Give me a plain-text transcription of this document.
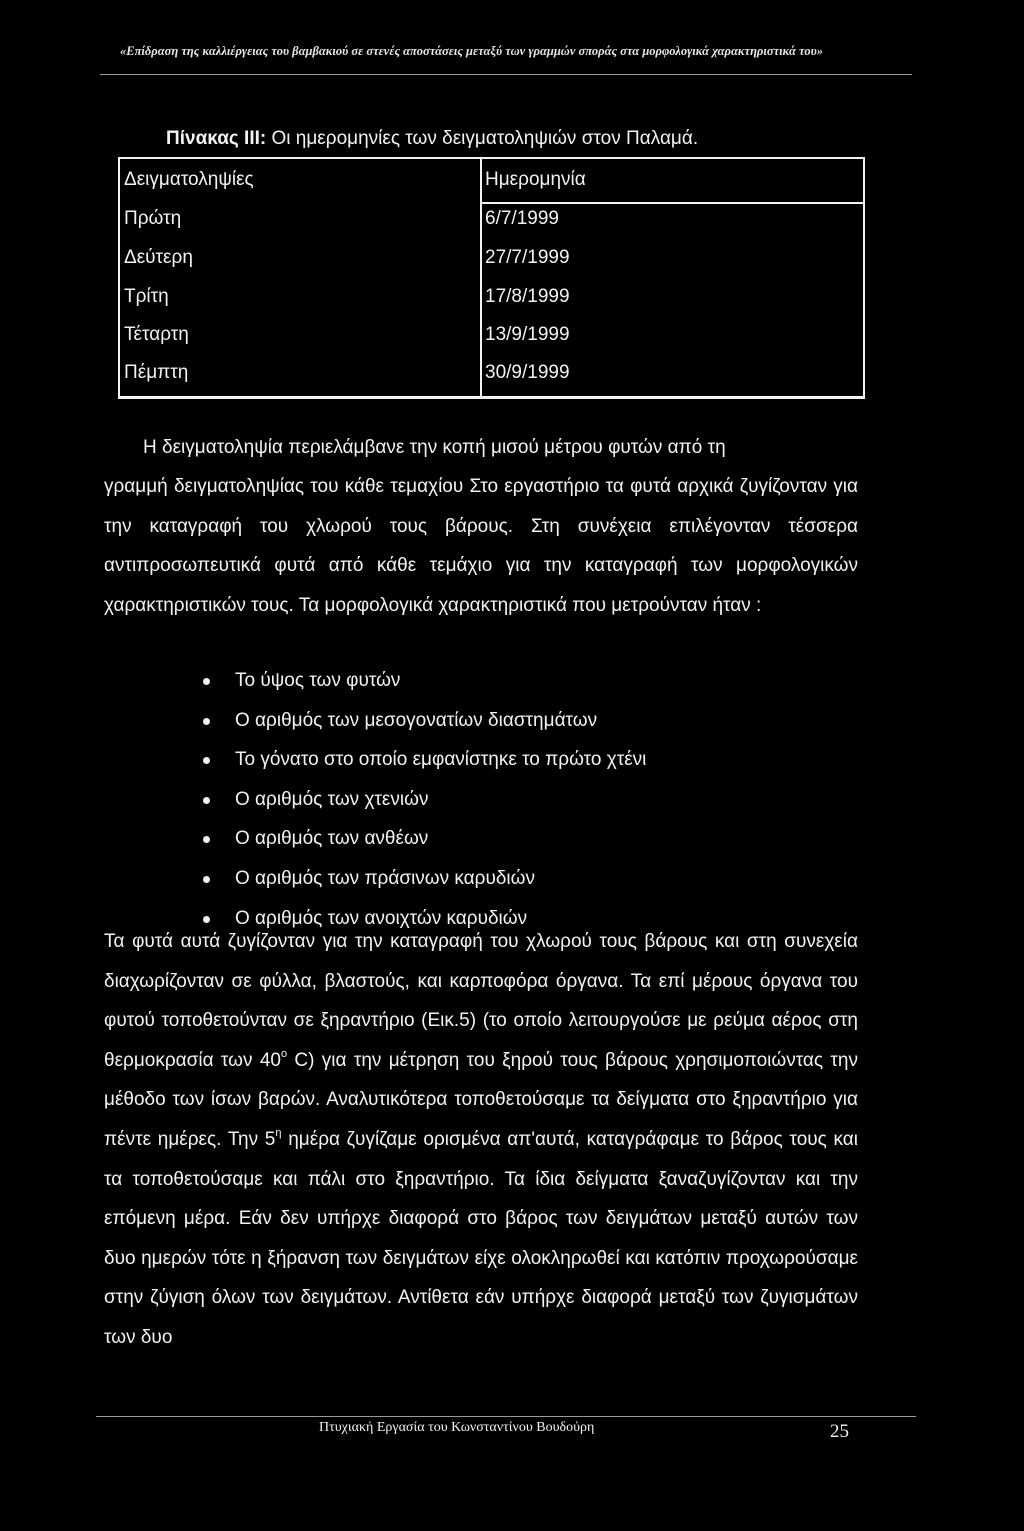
«Επίδραση της καλλιέργειας του βαμβακιού σε στενές αποστάσεις μεταξύ των γραμμών σποράς στα μορφολογικά χαρακτηριστικά του»
Πίνακας III: Οι ημερομηνίες των δειγματοληψιών στον Παλαμά.
Δειγματοληψίες	Ημερομηνία
Πρώτη	6/7/1999
Δεύτερη	27/7/1999
Τρίτη	17/8/1999
Τέταρτη	13/9/1999
Πέμπτη	30/9/1999
Η δειγματοληψία περιελάμβανε την κοπή μισού μέτρου φυτών από τη
γραμμή δειγματοληψίας του κάθε τεμαχίου Στο εργαστήριο τα φυτά αρχικά ζυγίζονταν για την καταγραφή του χλωρού τους βάρους. Στη συνέχεια επιλέγονταν τέσσερα αντιπροσωπευτικά φυτά από κάθε τεμάχιο για την καταγραφή των μορφολογικών χαρακτηριστικών τους. Τα μορφολογικά χαρακτηριστικά που μετρούνταν ήταν :
Το ύψος των φυτών
Ο αριθμός των μεσογονατίων διαστημάτων
Το γόνατο στο οποίο εμφανίστηκε το πρώτο χτένι
Ο αριθμός των χτενιών
Ο αριθμός των ανθέων
Ο αριθμός των πράσινων καρυδιών
Ο αριθμός των ανοιχτών καρυδιών
Τα φυτά αυτά ζυγίζονταν για την καταγραφή του χλωρού τους βάρους και στη συνεχεία διαχωρίζονταν σε φύλλα, βλαστούς, και καρποφόρα όργανα. Τα επί μέρους όργανα του φυτού τοποθετούνταν σε ξηραντήριο (Εικ.5) (το οποίο λειτουργούσε με ρεύμα αέρος στη θερμοκρασία των 40$^o$ C) για την μέτρηση του ξηρού τους βάρους χρησιμοποιώντας την μέθοδο των ίσων βαρών. Αναλυτικότερα τοποθετούσαμε τα δείγματα στο ξηραντήριο για πέντε ημέρες. Την $5^\eta$ ημέρα ζυγίζαμε ορισμένα απ'αυτά, καταγράφαμε το βάρος τους και τα τοποθετούσαμε και πάλι στο ξηραντήριο. Τα ίδια δείγματα ξαναζυγίζονταν και την επόμενη μέρα. Εάν δεν υπήρχε διαφορά στο βάρος των δειγμάτων μεταξύ αυτών των δυο ημερών τότε η ξήρανση των δειγμάτων είχε ολοκληρωθεί και κατόπιν προχωρούσαμε στην ζύγιση όλων των δειγμάτων. Αντίθετα εάν υπήρχε διαφορά μεταξύ των ζυγισμάτων των δυο
Πτυχιακή Εργασία του Κωνσταντίνου Βουδούρη	25
